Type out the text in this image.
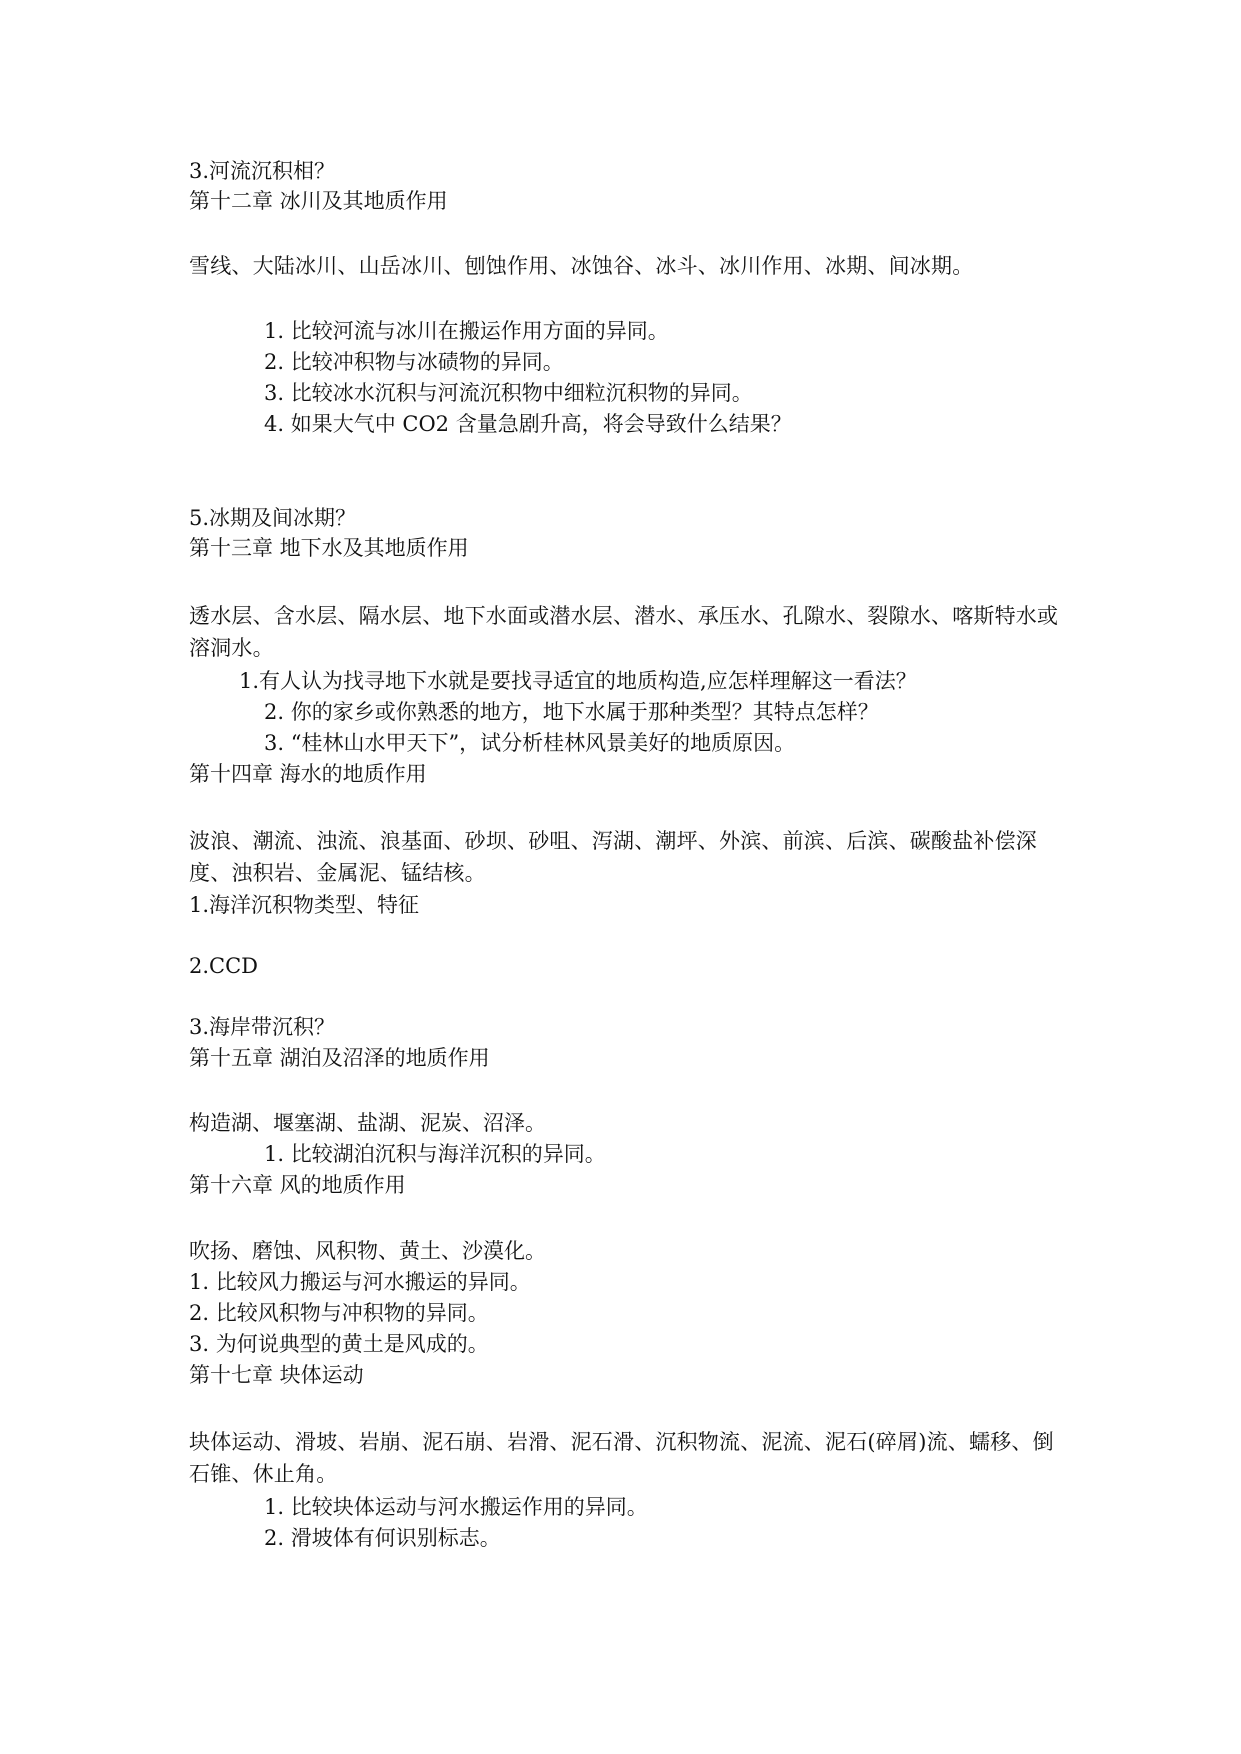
3.河流沉积相？

第十二章 冰川及其地质作用

雪线、大陆冰川、山岳冰川、刨蚀作用、冰蚀谷、冰斗、冰川作用、冰期、间冰期。

1. 比较河流与冰川在搬运作用方面的异同。

2. 比较冲积物与冰碛物的异同。

3. 比较冰水沉积与河流沉积物中细粒沉积物的异同。

4. 如果大气中 CO2 含量急剧升高，将会导致什么结果？

5.冰期及间冰期？

第十三章 地下水及其地质作用

透水层、含水层、隔水层、地下水面或潜水层、潜水、承压水、孔隙水、裂隙水、喀斯特水或溶洞水。

1.有人认为找寻地下水就是要找寻适宜的地质构造,应怎样理解这一看法？

2. 你的家乡或你熟悉的地方，地下水属于那种类型？其特点怎样？

3. “桂林山水甲天下”，试分析桂林风景美好的地质原因。

第十四章 海水的地质作用

波浪、潮流、浊流、浪基面、砂坝、砂咀、泻湖、潮坪、外滨、前滨、后滨、碳酸盐补偿深度、浊积岩、金属泥、锰结核。

1.海洋沉积物类型、特征

2.CCD

3.海岸带沉积？

第十五章 湖泊及沼泽的地质作用

构造湖、堰塞湖、盐湖、泥炭、沼泽。

1. 比较湖泊沉积与海洋沉积的异同。

第十六章 风的地质作用

吹扬、磨蚀、风积物、黄土、沙漠化。

1. 比较风力搬运与河水搬运的异同。

2. 比较风积物与冲积物的异同。

3. 为何说典型的黄土是风成的。

第十七章 块体运动

块体运动、滑坡、岩崩、泥石崩、岩滑、泥石滑、沉积物流、泥流、泥石(碎屑)流、蠕移、倒石锥、休止角。

1. 比较块体运动与河水搬运作用的异同。

2. 滑坡体有何识别标志。
